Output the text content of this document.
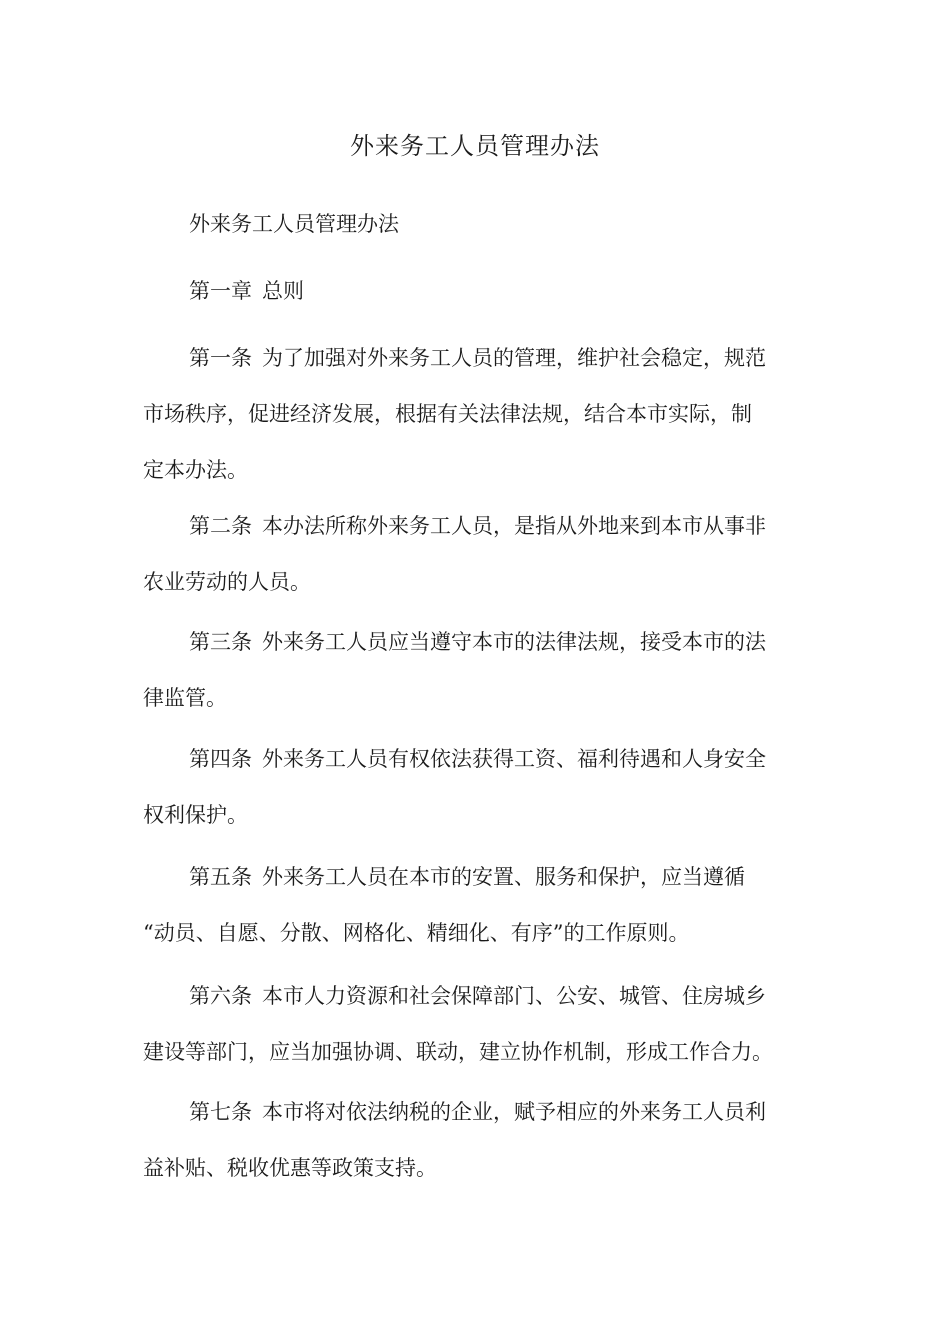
外来务工人员管理办法

外来务工人员管理办法

第一章 总则

第一条 为了加强对外来务工人员的管理，维护社会稳定，规范
市场秩序，促进经济发展，根据有关法律法规，结合本市实际，制
定本办法。

第二条 本办法所称外来务工人员，是指从外地来到本市从事非
农业劳动的人员。

第三条 外来务工人员应当遵守本市的法律法规，接受本市的法
律监管。

第四条 外来务工人员有权依法获得工资、福利待遇和人身安全
权利保护。

第五条 外来务工人员在本市的安置、服务和保护，应当遵循
“动员、自愿、分散、网格化、精细化、有序”的工作原则。

第六条 本市人力资源和社会保障部门、公安、城管、住房城乡
建设等部门，应当加强协调、联动，建立协作机制，形成工作合力。

第七条 本市将对依法纳税的企业，赋予相应的外来务工人员利
益补贴、税收优惠等政策支持。
